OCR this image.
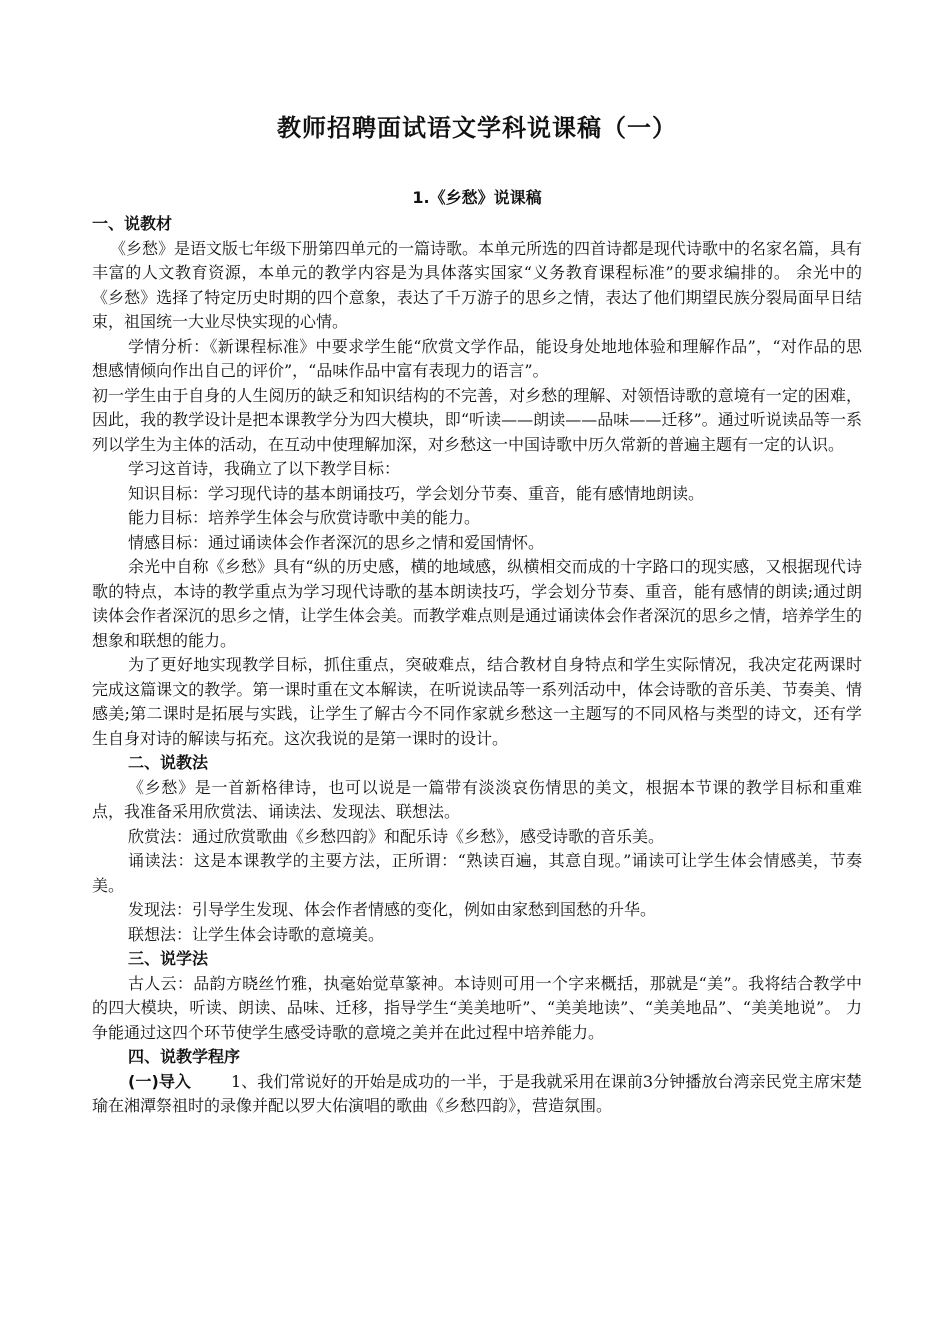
教师招聘面试语文学科说课稿（一）
1.《乡愁》说课稿
一、说教材

《乡愁》是语文版七年级下册第四单元的一篇诗歌。本单元所选的四首诗都是现代诗歌中的名家名篇，具有丰富的人文教育资源，本单元的教学内容是为具体落实国家“义务教育课程标准”的要求编排的。 余光中的《乡愁》选择了特定历史时期的四个意象，表达了千万游子的思乡之情，表达了他们期望民族分裂局面早日结束，祖国统一大业尽快实现的心情。

学情分析：《新课程标准》中要求学生能“欣赏文学作品，能设身处地地体验和理解作品”，“对作品的思想感情倾向作出自己的评价”，“品味作品中富有表现力的语言”。

初一学生由于自身的人生阅历的缺乏和知识结构的不完善，对乡愁的理解、对领悟诗歌的意境有一定的困难，因此，我的教学设计是把本课教学分为四大模块，即“听读——朗读——品味——迁移”。通过听说读品等一系列以学生为主体的活动，在互动中使理解加深，对乡愁这一中国诗歌中历久常新的普遍主题有一定的认识。

学习这首诗，我确立了以下教学目标：

知识目标：学习现代诗的基本朗诵技巧，学会划分节奏、重音，能有感情地朗读。

能力目标：培养学生体会与欣赏诗歌中美的能力。

情感目标：通过诵读体会作者深沉的思乡之情和爱国情怀。

余光中自称《乡愁》具有“纵的历史感，横的地域感，纵横相交而成的十字路口的现实感，又根据现代诗歌的特点，本诗的教学重点为学习现代诗歌的基本朗读技巧，学会划分节奏、重音，能有感情的朗读;通过朗读体会作者深沉的思乡之情，让学生体会美。而教学难点则是通过诵读体会作者深沉的思乡之情，培养学生的想象和联想的能力。

为了更好地实现教学目标，抓住重点，突破难点，结合教材自身特点和学生实际情况，我决定花两课时完成这篇课文的教学。第一课时重在文本解读，在听说读品等一系列活动中，体会诗歌的音乐美、节奏美、情感美;第二课时是拓展与实践，让学生了解古今不同作家就乡愁这一主题写的不同风格与类型的诗文，还有学生自身对诗的解读与拓充。这次我说的是第一课时的设计。

二、说教法

《乡愁》是一首新格律诗，也可以说是一篇带有淡淡哀伤情思的美文，根据本节课的教学目标和重难点，我准备采用欣赏法、诵读法、发现法、联想法。

欣赏法：通过欣赏歌曲《乡愁四韵》和配乐诗《乡愁》，感受诗歌的音乐美。

诵读法：这是本课教学的主要方法，正所谓：“熟读百遍，其意自现。”诵读可让学生体会情感美，节奏美。

发现法：引导学生发现、体会作者情感的变化，例如由家愁到国愁的升华。

联想法：让学生体会诗歌的意境美。

三、说学法

古人云：品韵方晓丝竹雅，执毫始觉草篆神。本诗则可用一个字来概括，那就是“美”。我将结合教学中的四大模块，听读、朗读、品味、迁移，指导学生“美美地听”、“美美地读”、“美美地品”、“美美地说”。 力争能通过这四个环节使学生感受诗歌的意境之美并在此过程中培养能力。

四、说教学程序

(一)导入	1、我们常说好的开始是成功的一半，于是我就采用在课前3分钟播放台湾亲民党主席宋楚瑜在湘潭祭祖时的录像并配以罗大佑演唱的歌曲《乡愁四韵》，营造氛围。
